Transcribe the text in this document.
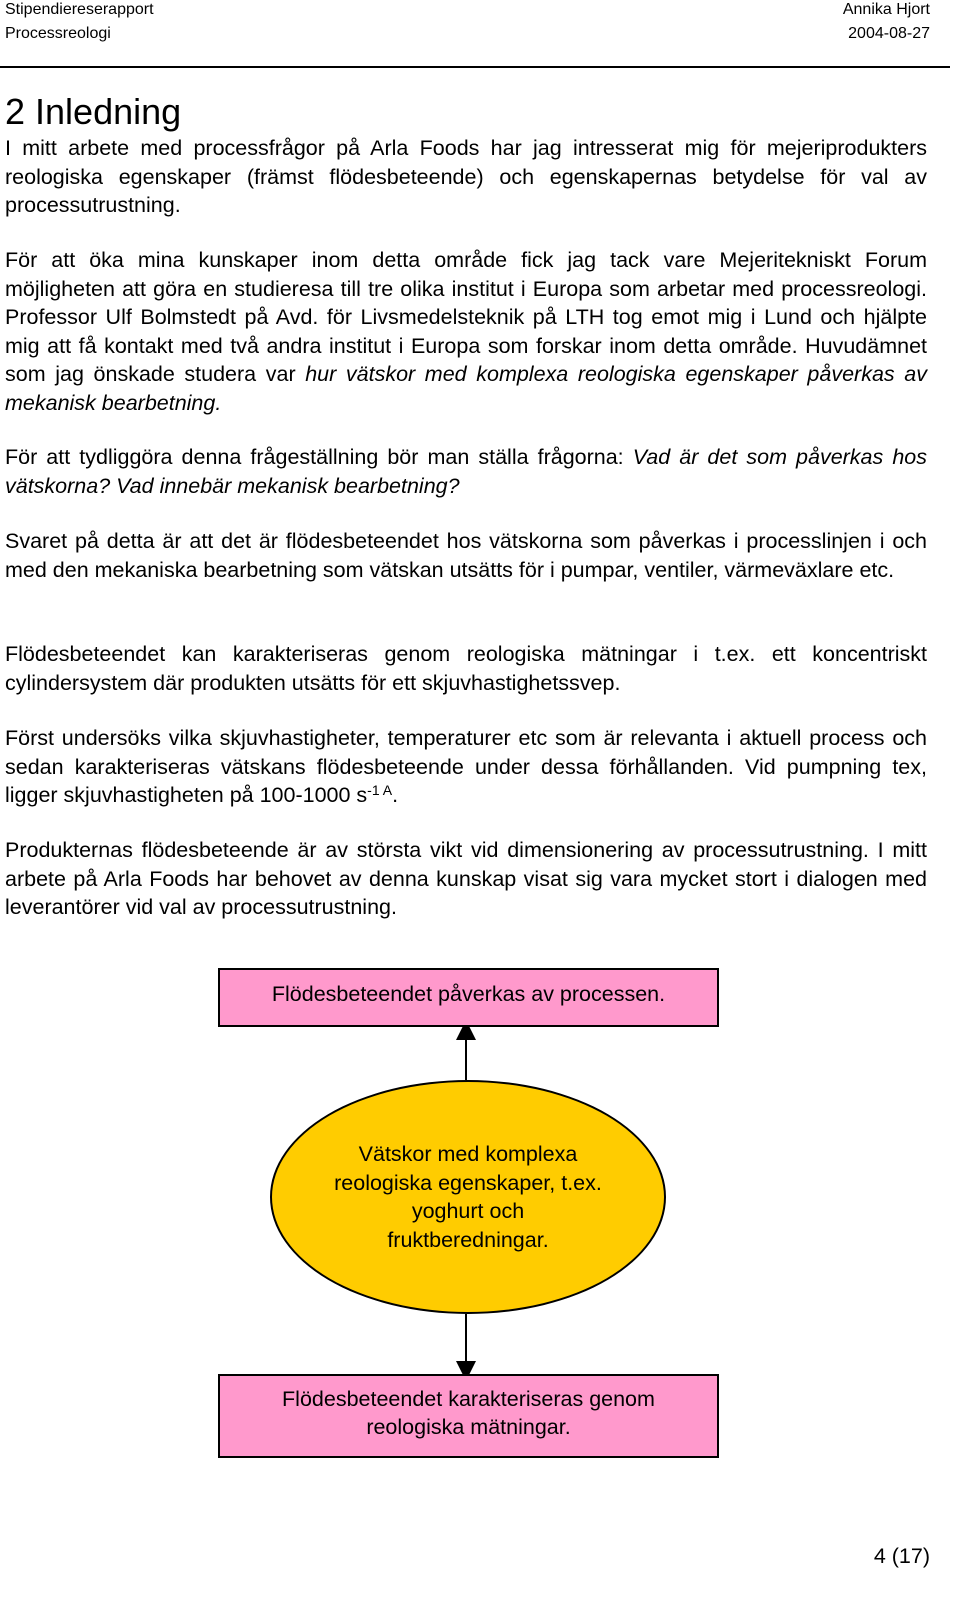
Stipendiereserapport
Processreologi
Annika Hjort
2004-08-27
2 Inledning

I mitt arbete med processfrågor på Arla Foods har jag intresserat mig för mejeriprodukters reologiska egenskaper (främst flödesbeteende) och egenskapernas betydelse för val av processutrustning.

För att öka mina kunskaper inom detta område fick jag tack vare Mejeritekniskt Forum möjligheten att göra en studieresa till tre olika institut i Europa som arbetar med processreologi. Professor Ulf Bolmstedt på Avd. för Livsmedelsteknik på LTH tog emot mig i Lund och hjälpte mig att få kontakt med två andra institut i Europa som forskar inom detta område. Huvudämnet som jag önskade studera var hur vätskor med komplexa reologiska egenskaper påverkas av mekanisk bearbetning.

För att tydliggöra denna frågeställning bör man ställa frågorna: Vad är det som påverkas hos vätskorna? Vad innebär mekanisk bearbetning?

Svaret på detta är att det är flödesbeteendet hos vätskorna som påverkas i processlinjen i och med den mekaniska bearbetning som vätskan utsätts för i pumpar, ventiler, värmeväxlare etc.

Flödesbeteendet kan karakteriseras genom reologiska mätningar i t.ex. ett koncentriskt cylindersystem där produkten utsätts för ett skjuvhastighetssvep.

Först undersöks vilka skjuvhastigheter, temperaturer etc som är relevanta i aktuell process och sedan karakteriseras vätskans flödesbeteende under dessa förhållanden. Vid pumpning tex, ligger skjuvhastigheten på 100-1000 $s^{-1 A}$.

Produkternas flödesbeteende är av största vikt vid dimensionering av processutrustning. I mitt arbete på Arla Foods har behovet av denna kunskap visat sig vara mycket stort i dialogen med leverantörer vid val av processutrustning.

Flödesbeteendet påverkas av processen.
Vätskor med komplexa reologiska egenskaper, t.ex. yoghurt och fruktberedningar.
Flödesbeteendet karakteriseras genom reologiska mätningar.
4 (17)
